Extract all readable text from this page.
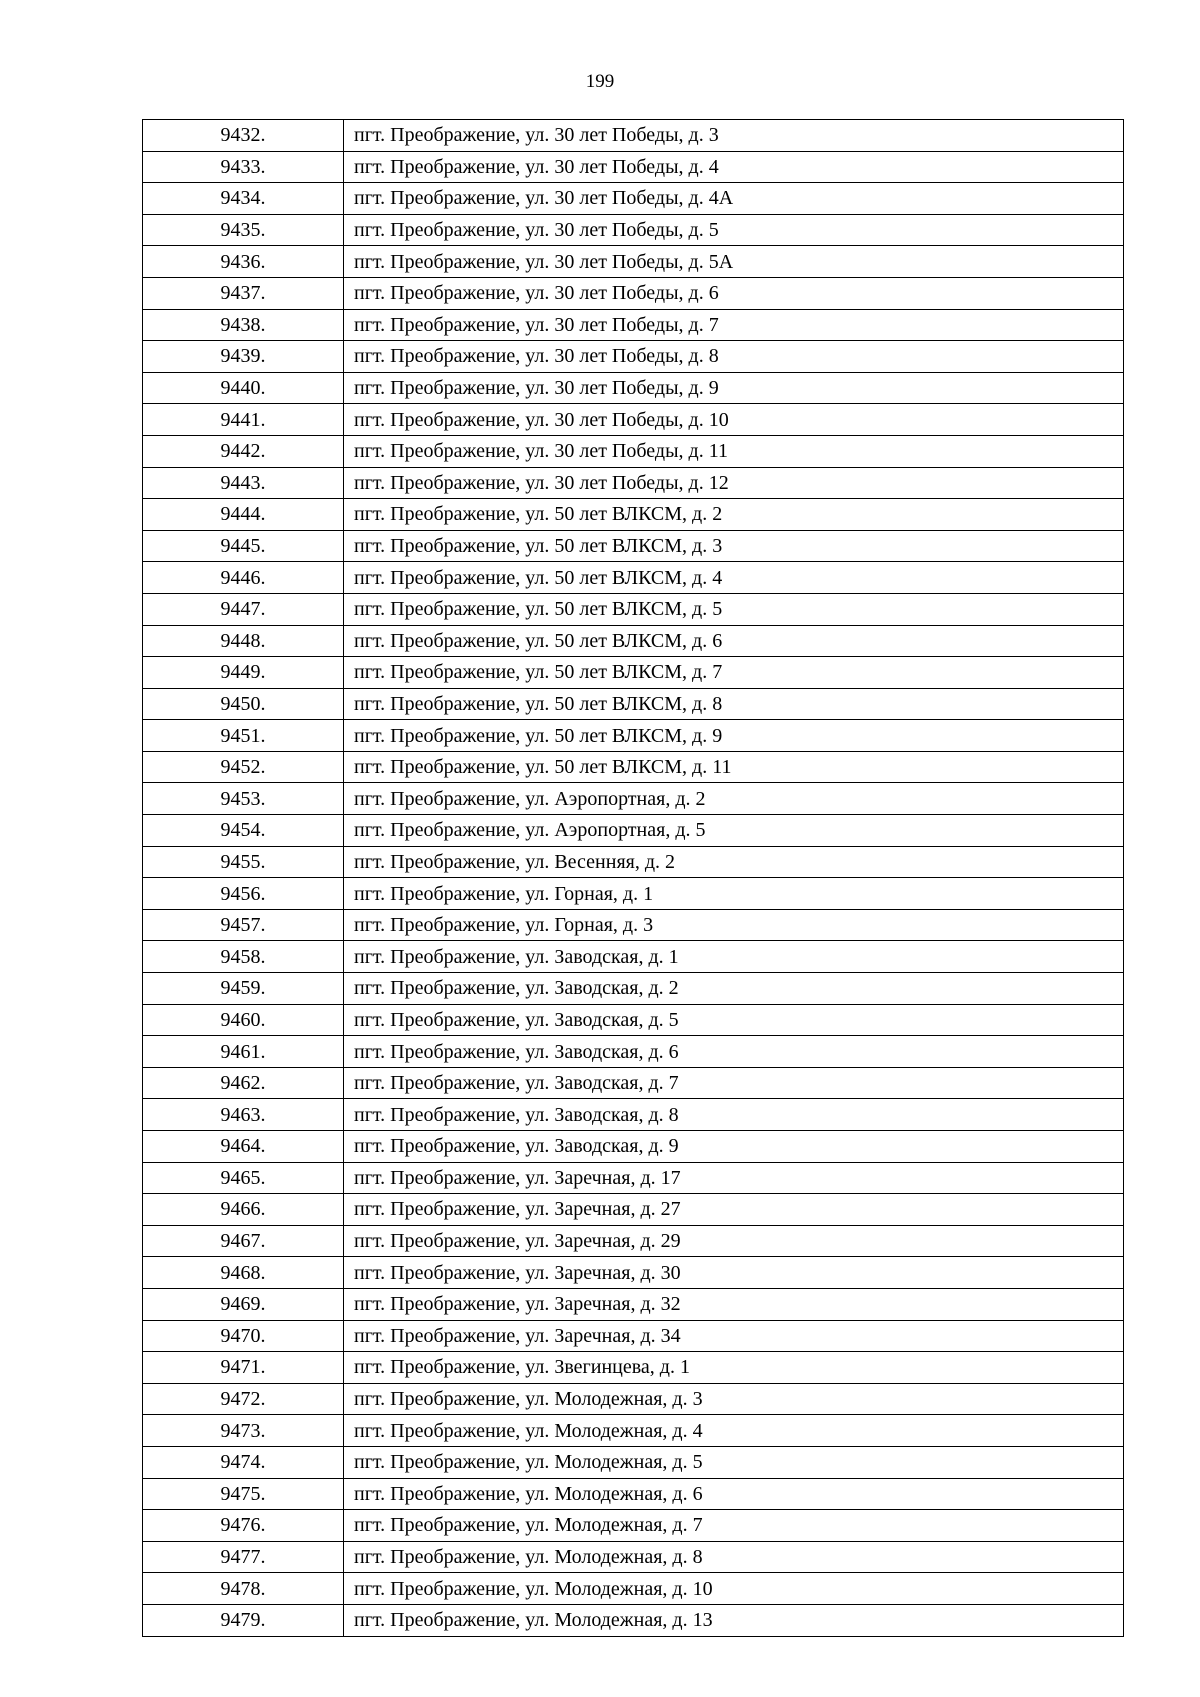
199
9432.	пгт. Преображение, ул. 30 лет Победы, д. 3
9433.	пгт. Преображение, ул. 30 лет Победы, д. 4
9434.	пгт. Преображение, ул. 30 лет Победы, д. 4А
9435.	пгт. Преображение, ул. 30 лет Победы, д. 5
9436.	пгт. Преображение, ул. 30 лет Победы, д. 5А
9437.	пгт. Преображение, ул. 30 лет Победы, д. 6
9438.	пгт. Преображение, ул. 30 лет Победы, д. 7
9439.	пгт. Преображение, ул. 30 лет Победы, д. 8
9440.	пгт. Преображение, ул. 30 лет Победы, д. 9
9441.	пгт. Преображение, ул. 30 лет Победы, д. 10
9442.	пгт. Преображение, ул. 30 лет Победы, д. 11
9443.	пгт. Преображение, ул. 30 лет Победы, д. 12
9444.	пгт. Преображение, ул. 50 лет ВЛКСМ, д. 2
9445.	пгт. Преображение, ул. 50 лет ВЛКСМ, д. 3
9446.	пгт. Преображение, ул. 50 лет ВЛКСМ, д. 4
9447.	пгт. Преображение, ул. 50 лет ВЛКСМ, д. 5
9448.	пгт. Преображение, ул. 50 лет ВЛКСМ, д. 6
9449.	пгт. Преображение, ул. 50 лет ВЛКСМ, д. 7
9450.	пгт. Преображение, ул. 50 лет ВЛКСМ, д. 8
9451.	пгт. Преображение, ул. 50 лет ВЛКСМ, д. 9
9452.	пгт. Преображение, ул. 50 лет ВЛКСМ, д. 11
9453.	пгт. Преображение, ул. Аэропортная, д. 2
9454.	пгт. Преображение, ул. Аэропортная, д. 5
9455.	пгт. Преображение, ул. Весенняя, д. 2
9456.	пгт. Преображение, ул. Горная, д. 1
9457.	пгт. Преображение, ул. Горная, д. 3
9458.	пгт. Преображение, ул. Заводская, д. 1
9459.	пгт. Преображение, ул. Заводская, д. 2
9460.	пгт. Преображение, ул. Заводская, д. 5
9461.	пгт. Преображение, ул. Заводская, д. 6
9462.	пгт. Преображение, ул. Заводская, д. 7
9463.	пгт. Преображение, ул. Заводская, д. 8
9464.	пгт. Преображение, ул. Заводская, д. 9
9465.	пгт. Преображение, ул. Заречная, д. 17
9466.	пгт. Преображение, ул. Заречная, д. 27
9467.	пгт. Преображение, ул. Заречная, д. 29
9468.	пгт. Преображение, ул. Заречная, д. 30
9469.	пгт. Преображение, ул. Заречная, д. 32
9470.	пгт. Преображение, ул. Заречная, д. 34
9471.	пгт. Преображение, ул. Звегинцева, д. 1
9472.	пгт. Преображение, ул. Молодежная, д. 3
9473.	пгт. Преображение, ул. Молодежная, д. 4
9474.	пгт. Преображение, ул. Молодежная, д. 5
9475.	пгт. Преображение, ул. Молодежная, д. 6
9476.	пгт. Преображение, ул. Молодежная, д. 7
9477.	пгт. Преображение, ул. Молодежная, д. 8
9478.	пгт. Преображение, ул. Молодежная, д. 10
9479.	пгт. Преображение, ул. Молодежная, д. 13
